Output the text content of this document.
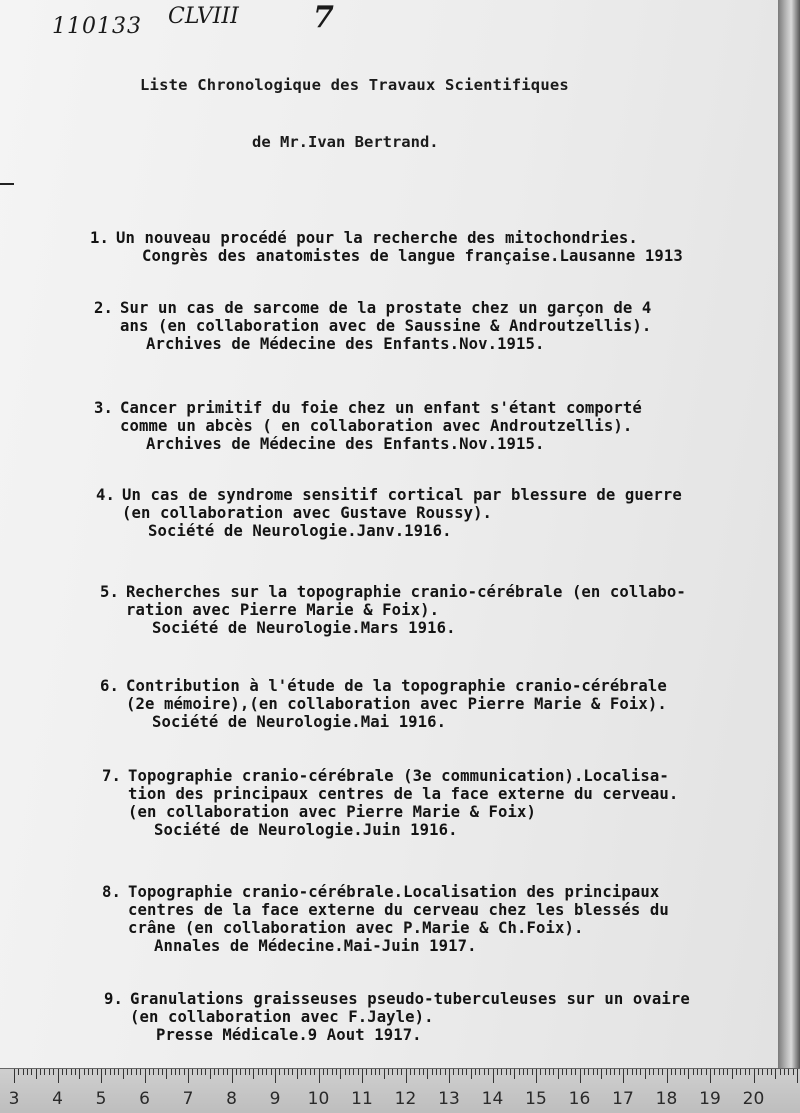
110133 CLVIII 7
Liste Chronologique des Travaux Scientifiques
de Mr.Ivan Bertrand.
1. Un nouveau procédé pour la recherche des mitochondries.
Congrès des anatomistes de langue française.Lausanne 1913
2. Sur un cas de sarcome de la prostate chez un garçon de 4
ans (en collaboration avec de Saussine & Androutzellis).
Archives de Médecine des Enfants.Nov.1915.
3. Cancer primitif du foie chez un enfant s'étant comporté
comme un abcès ( en collaboration avec Androutzellis).
Archives de Médecine des Enfants.Nov.1915.
4. Un cas de syndrome sensitif cortical par blessure de guerre
(en collaboration avec Gustave Roussy).
Société de Neurologie.Janv.1916.
5. Recherches sur la topographie cranio-cérébrale (en collabo-
ration avec Pierre Marie & Foix).
Société de Neurologie.Mars 1916.
6. Contribution à l'étude de la topographie cranio-cérébrale
(2e mémoire),(en collaboration avec Pierre Marie & Foix).
Société de Neurologie.Mai 1916.
7. Topographie cranio-cérébrale (3e communication).Localisa-
tion des principaux centres de la face externe du cerveau.
(en collaboration avec Pierre Marie & Foix)
Société de Neurologie.Juin 1916.
8. Topographie cranio-cérébrale.Localisation des principaux
centres de la face externe du cerveau chez les blessés du
crâne (en collaboration avec P.Marie & Ch.Foix).
Annales de Médecine.Mai-Juin 1917.
9. Granulations graisseuses pseudo-tuberculeuses sur un ovaire
(en collaboration avec F.Jayle).
Presse Médicale.9 Aout 1917.
3 4 5 6 7 8 9 10 11 12 13 14 15 16 17 18 19 20
